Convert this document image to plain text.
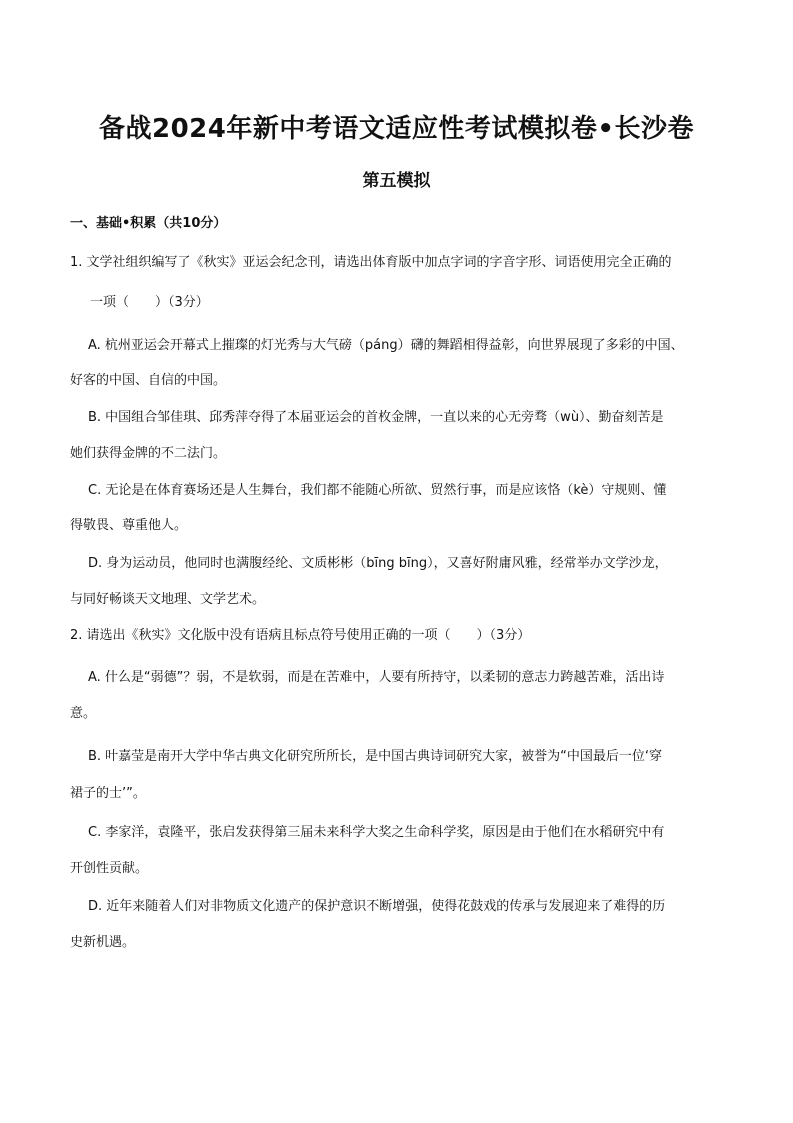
备战2024年新中考语文适应性考试模拟卷•长沙卷
第五模拟
一、基础•积累（共10分）
1. 文学社组织编写了《秋实》亚运会纪念刊，请选出体育版中加点字词的字音字形、词语使用完全正确的
一项（　　）（3分）
A. 杭州亚运会开幕式上摧璨的灯光秀与大气磅（páng）礴的舞蹈相得益彰，向世界展现了多彩的中国、
好客的中国、自信的中国。
B. 中国组合邹佳琪、邱秀萍夺得了本届亚运会的首枚金牌，一直以来的心无旁骛（wù）、勤奋刻苦是
她们获得金牌的不二法门。
C. 无论是在体育赛场还是人生舞台，我们都不能随心所欲、贸然行事，而是应该恪（kè）守规则、懂
得敬畏、尊重他人。
D. 身为运动员，他同时也满腹经纶、文质彬彬（bīng bīng），又喜好附庸风雅，经常举办文学沙龙，
与同好畅谈天文地理、文学艺术。
2. 请选出《秋实》文化版中没有语病且标点符号使用正确的一项（　　）（3分）
A. 什么是“弱德”？弱，不是软弱，而是在苦难中，人要有所持守，以柔韧的意志力跨越苦难，活出诗
意。
B. 叶嘉莹是南开大学中华古典文化研究所所长，是中国古典诗词研究大家，被誉为“中国最后一位‘穿
裙子的士’”。
C. 李家洋，袁隆平，张启发获得第三届未来科学大奖之生命科学奖，原因是由于他们在水稻研究中有
开创性贡献。
D. 近年来随着人们对非物质文化遗产的保护意识不断增强，使得花鼓戏的传承与发展迎来了难得的历
史新机遇。
